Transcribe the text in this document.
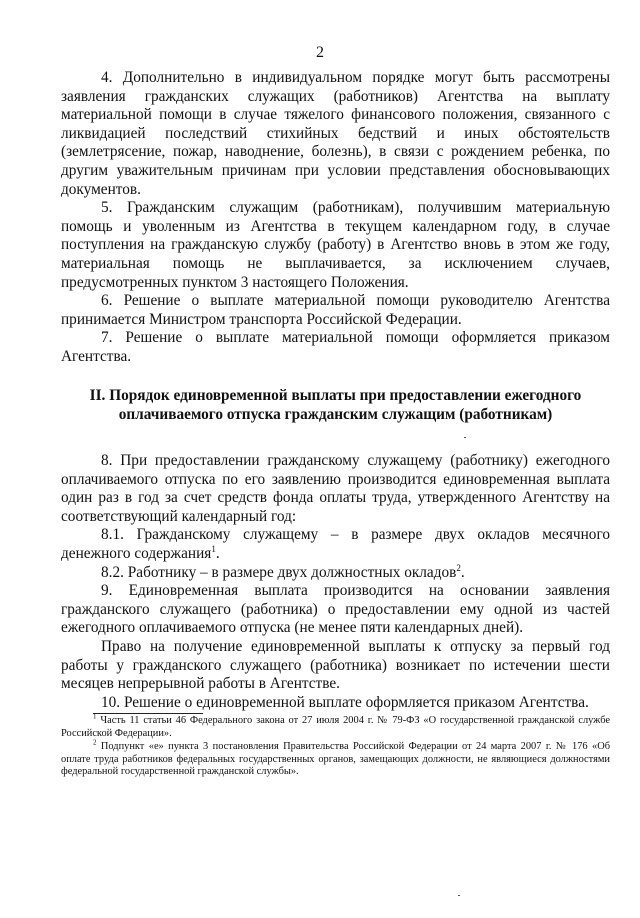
2

4. Дополнительно в индивидуальном порядке могут быть рассмотрены заявления гражданских служащих (работников) Агентства на выплату материальной помощи в случае тяжелого финансового положения, связанного с ликвидацией последствий стихийных бедствий и иных обстоятельств (землетрясение, пожар, наводнение, болезнь), в связи с рождением ребенка, по другим уважительным причинам при условии представления обосновывающих документов.

5. Гражданским служащим (работникам), получившим материальную помощь и уволенным из Агентства в текущем календарном году, в случае поступления на гражданскую службу (работу) в Агентство вновь в этом же году, материальная помощь не выплачивается, за исключением случаев, предусмотренных пунктом 3 настоящего Положения.

6. Решение о выплате материальной помощи руководителю Агентства принимается Министром транспорта Российской Федерации.

7. Решение о выплате материальной помощи оформляется приказом Агентства.

II. Порядок единовременной выплаты при предоставлении ежегодного
оплачиваемого отпуска гражданским служащим (работникам)

8. При предоставлении гражданскому служащему (работнику) ежегодного оплачиваемого отпуска по его заявлению производится единовременная выплата один раз в год за счет средств фонда оплаты труда, утвержденного Агентству на соответствующий календарный год:

8.1. Гражданскому служащему – в размере двух окладов месячного денежного содержания$^1$.

8.2. Работнику – в размере двух должностных окладов$^2$.

9. Единовременная выплата производится на основании заявления гражданского служащего (работника) о предоставлении ему одной из частей ежегодного оплачиваемого отпуска (не менее пяти календарных дней).

Право на получение единовременной выплаты к отпуску за первый год работы у гражданского служащего (работника) возникает по истечении шести месяцев непрерывной работы в Агентстве.

10. Решение о единовременной выплате оформляется приказом Агентства.

$^1$ Часть 11 статьи 46 Федерального закона от 27 июля 2004 г. № 79-ФЗ «О государственной гражданской службе Российской Федерации».

$^2$ Подпункт «е» пункта 3 постановления Правительства Российской Федерации от 24 марта 2007 г. № 176 «Об оплате труда работников федеральных государственных органов, замещающих должности, не являющиеся должностями федеральной государственной гражданской службы».
